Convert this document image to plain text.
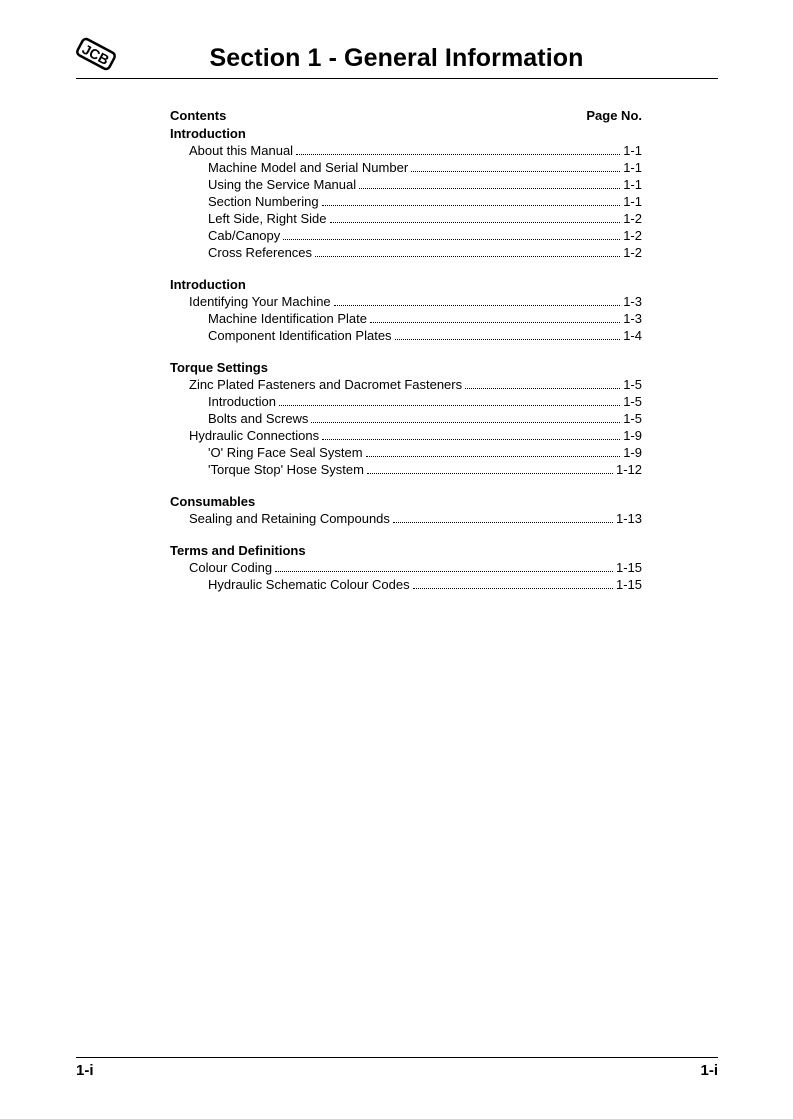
JCB	Section 1 - General Information
Contents	Page No.
Introduction
About this Manual	1-1
Machine Model and Serial Number	1-1
Using the Service Manual	1-1
Section Numbering	1-1
Left Side, Right Side	1-2
Cab/Canopy	1-2
Cross References	1-2
Introduction
Identifying Your Machine	1-3
Machine Identification Plate	1-3
Component Identification Plates	1-4
Torque Settings
Zinc Plated Fasteners and Dacromet Fasteners	1-5
Introduction	1-5
Bolts and Screws	1-5
Hydraulic Connections	1-9
'O' Ring Face Seal System	1-9
'Torque Stop' Hose System	1-12
Consumables
Sealing and Retaining Compounds	1-13
Terms and Definitions
Colour Coding	1-15
Hydraulic Schematic Colour Codes	1-15
1-i	1-i
